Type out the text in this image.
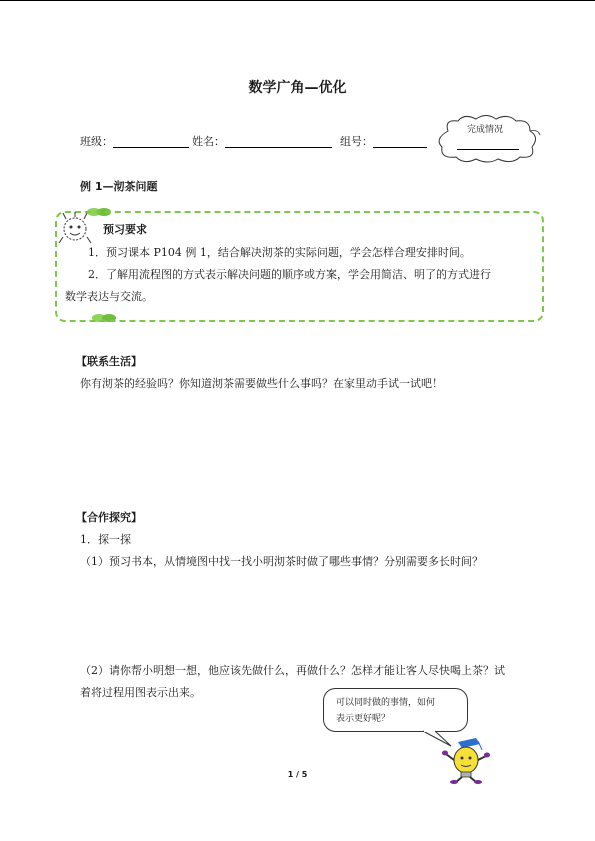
数学广角—优化
班级：	姓名：	组号：
完成情况
例 1—沏茶问题
预习要求
1．预习课本 P104 例 1，结合解决沏茶的实际问题，学会怎样合理安排时间。
2．了解用流程图的方式表示解决问题的顺序或方案，学会用简洁、明了的方式进行
数学表达与交流。
【联系生活】
你有沏茶的经验吗？你知道沏茶需要做些什么事吗？在家里动手试一试吧！
【合作探究】
1．探一探
（1）预习书本，从情境图中找一找小明沏茶时做了哪些事情？分别需要多长时间？
（2）请你帮小明想一想，他应该先做什么，再做什么？怎样才能让客人尽快喝上茶？试
着将过程用图表示出来。
可以同时做的事情，如何
表示更好呢？
1 / 5
